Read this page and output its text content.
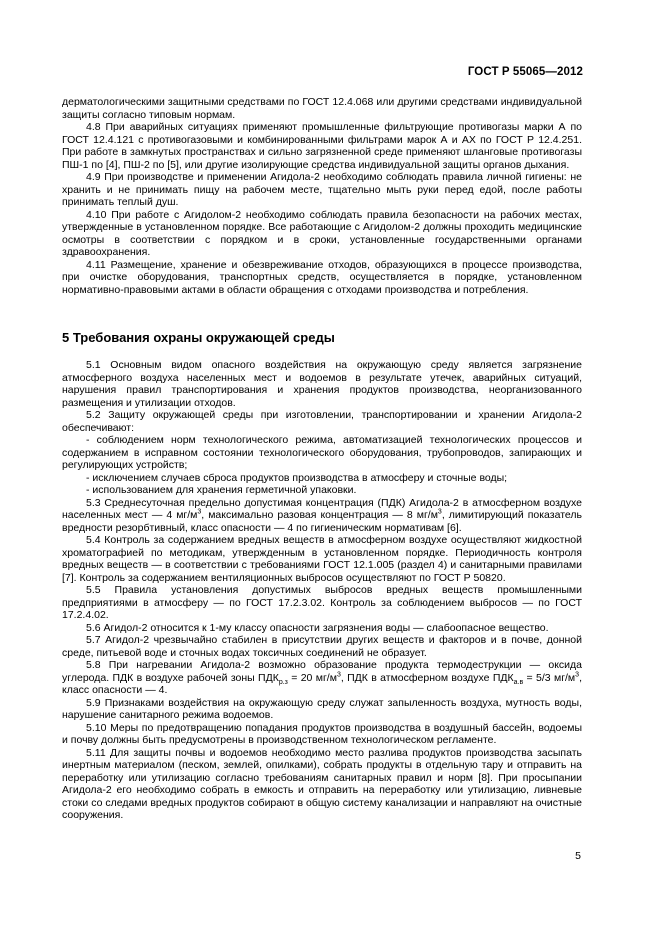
ГОСТ Р 55065—2012

дерматологическими защитными средствами по ГОСТ 12.4.068 или другими средствами индивидуальной защиты согласно типовым нормам.

4.8 При аварийных ситуациях применяют промышленные фильтрующие противогазы марки А по ГОСТ 12.4.121 с противогазовыми и комбинированными фильтрами марок А и АХ по ГОСТ Р 12.4.251. При работе в замкнутых пространствах и сильно загрязненной среде применяют шланговые противогазы ПШ-1 по [4], ПШ-2 по [5], или другие изолирующие средства индивидуальной защиты органов дыхания.

4.9 При производстве и применении Агидола-2 необходимо соблюдать правила личной гигиены: не хранить и не принимать пищу на рабочем месте, тщательно мыть руки перед едой, после работы принимать теплый душ.

4.10 При работе с Агидолом-2 необходимо соблюдать правила безопасности на рабочих местах, утвержденные в установленном порядке. Все работающие с Агидолом-2 должны проходить медицинские осмотры в соответствии с порядком и в сроки, установленные государственными органами здравоохранения.

4.11 Размещение, хранение и обезвреживание отходов, образующихся в процессе производства, при очистке оборудования, транспортных средств, осуществляется в порядке, установленном нормативно-правовыми актами в области обращения с отходами производства и потребления.

5 Требования охраны окружающей среды

5.1 Основным видом опасного воздействия на окружающую среду является загрязнение атмосферного воздуха населенных мест и водоемов в результате утечек, аварийных ситуаций, нарушения правил транспортирования и хранения продуктов производства, неорганизованного размещения и утилизации отходов.

5.2 Защиту окружающей среды при изготовлении, транспортировании и хранении Агидола-2 обеспечивают:

- соблюдением норм технологического режима, автоматизацией технологических процессов и содержанием в исправном состоянии технологического оборудования, трубопроводов, запирающих и регулирующих устройств;

- исключением случаев сброса продуктов производства в атмосферу и сточные воды;

- использованием для хранения герметичной упаковки.

5.3 Среднесуточная предельно допустимая концентрация (ПДК) Агидола-2 в атмосферном воздухе населенных мест — 4 $мг/м^3$, максимально разовая концентрация — 8 $мг/м^3$, лимитирующий показатель вредности резорбтивный, класс опасности — 4 по гигиеническим нормативам [6].

5.4 Контроль за содержанием вредных веществ в атмосферном воздухе осуществляют жидкостной хроматографией по методикам, утвержденным в установленном порядке. Периодичность контроля вредных веществ — в соответствии с требованиями ГОСТ 12.1.005 (раздел 4) и санитарными правилами [7]. Контроль за содержанием вентиляционных выбросов осуществляют по ГОСТ Р 50820.

5.5 Правила установления допустимых выбросов вредных веществ промышленными предприятиями в атмосферу — по ГОСТ 17.2.3.02. Контроль за соблюдением выбросов — по ГОСТ 17.2.4.02.

5.6 Агидол-2 относится к 1-му классу опасности загрязнения воды — слабоопасное вещество.

5.7 Агидол-2 чрезвычайно стабилен в присутствии других веществ и факторов и в почве, донной среде, питьевой воде и сточных водах токсичных соединений не образует.

5.8 При нагревании Агидола-2 возможно образование продукта термодеструкции — оксида углерода. ПДК в воздухе рабочей зоны $ПДК_{р.з} = 20$ $мг/м^3$, ПДК в атмосферном воздухе $ПДК_{а.в} = 5/3$ $мг/м^3$, класс опасности — 4.

5.9 Признаками воздействия на окружающую среду служат запыленность воздуха, мутность воды, нарушение санитарного режима водоемов.

5.10 Меры по предотвращению попадания продуктов производства в воздушный бассейн, водоемы и почву должны быть предусмотрены в производственном технологическом регламенте.

5.11 Для защиты почвы и водоемов необходимо место разлива продуктов производства засыпать инертным материалом (песком, землей, опилками), собрать продукты в отдельную тару и отправить на переработку или утилизацию согласно требованиям санитарных правил и норм [8]. При просыпании Агидола-2 его необходимо собрать в емкость и отправить на переработку или утилизацию, ливневые стоки со следами вредных продуктов собирают в общую систему канализации и направляют на очистные сооружения.

5
